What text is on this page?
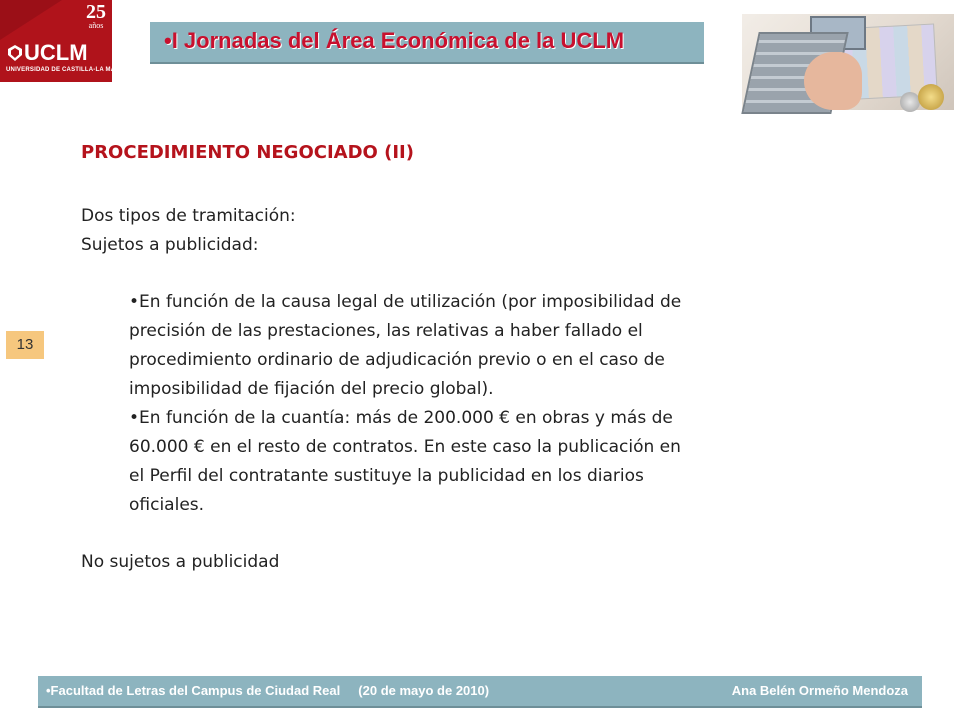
25
años
UCLM
UNIVERSIDAD DE CASTILLA-LA MANCHA
•I Jornadas del Área Económica de la UCLM
13

PROCEDIMIENTO NEGOCIADO (II)

Dos tipos de tramitación:

Sujetos a publicidad:

•En función de la causa legal de utilización (por imposibilidad de precisión de las prestaciones, las relativas a haber fallado el procedimiento ordinario de adjudicación previo o en el caso de imposibilidad de fijación del precio global).

•En función de la cuantía: más de 200.000 € en obras y más de 60.000 € en el resto de contratos. En este caso la publicación en el Perfil del contratante sustituye la publicidad en los diarios oficiales.

No sujetos a publicidad

•Facultad de Letras del Campus de Ciudad Real     (20 de mayo de 2010)	Ana Belén Ormeño Mendoza
